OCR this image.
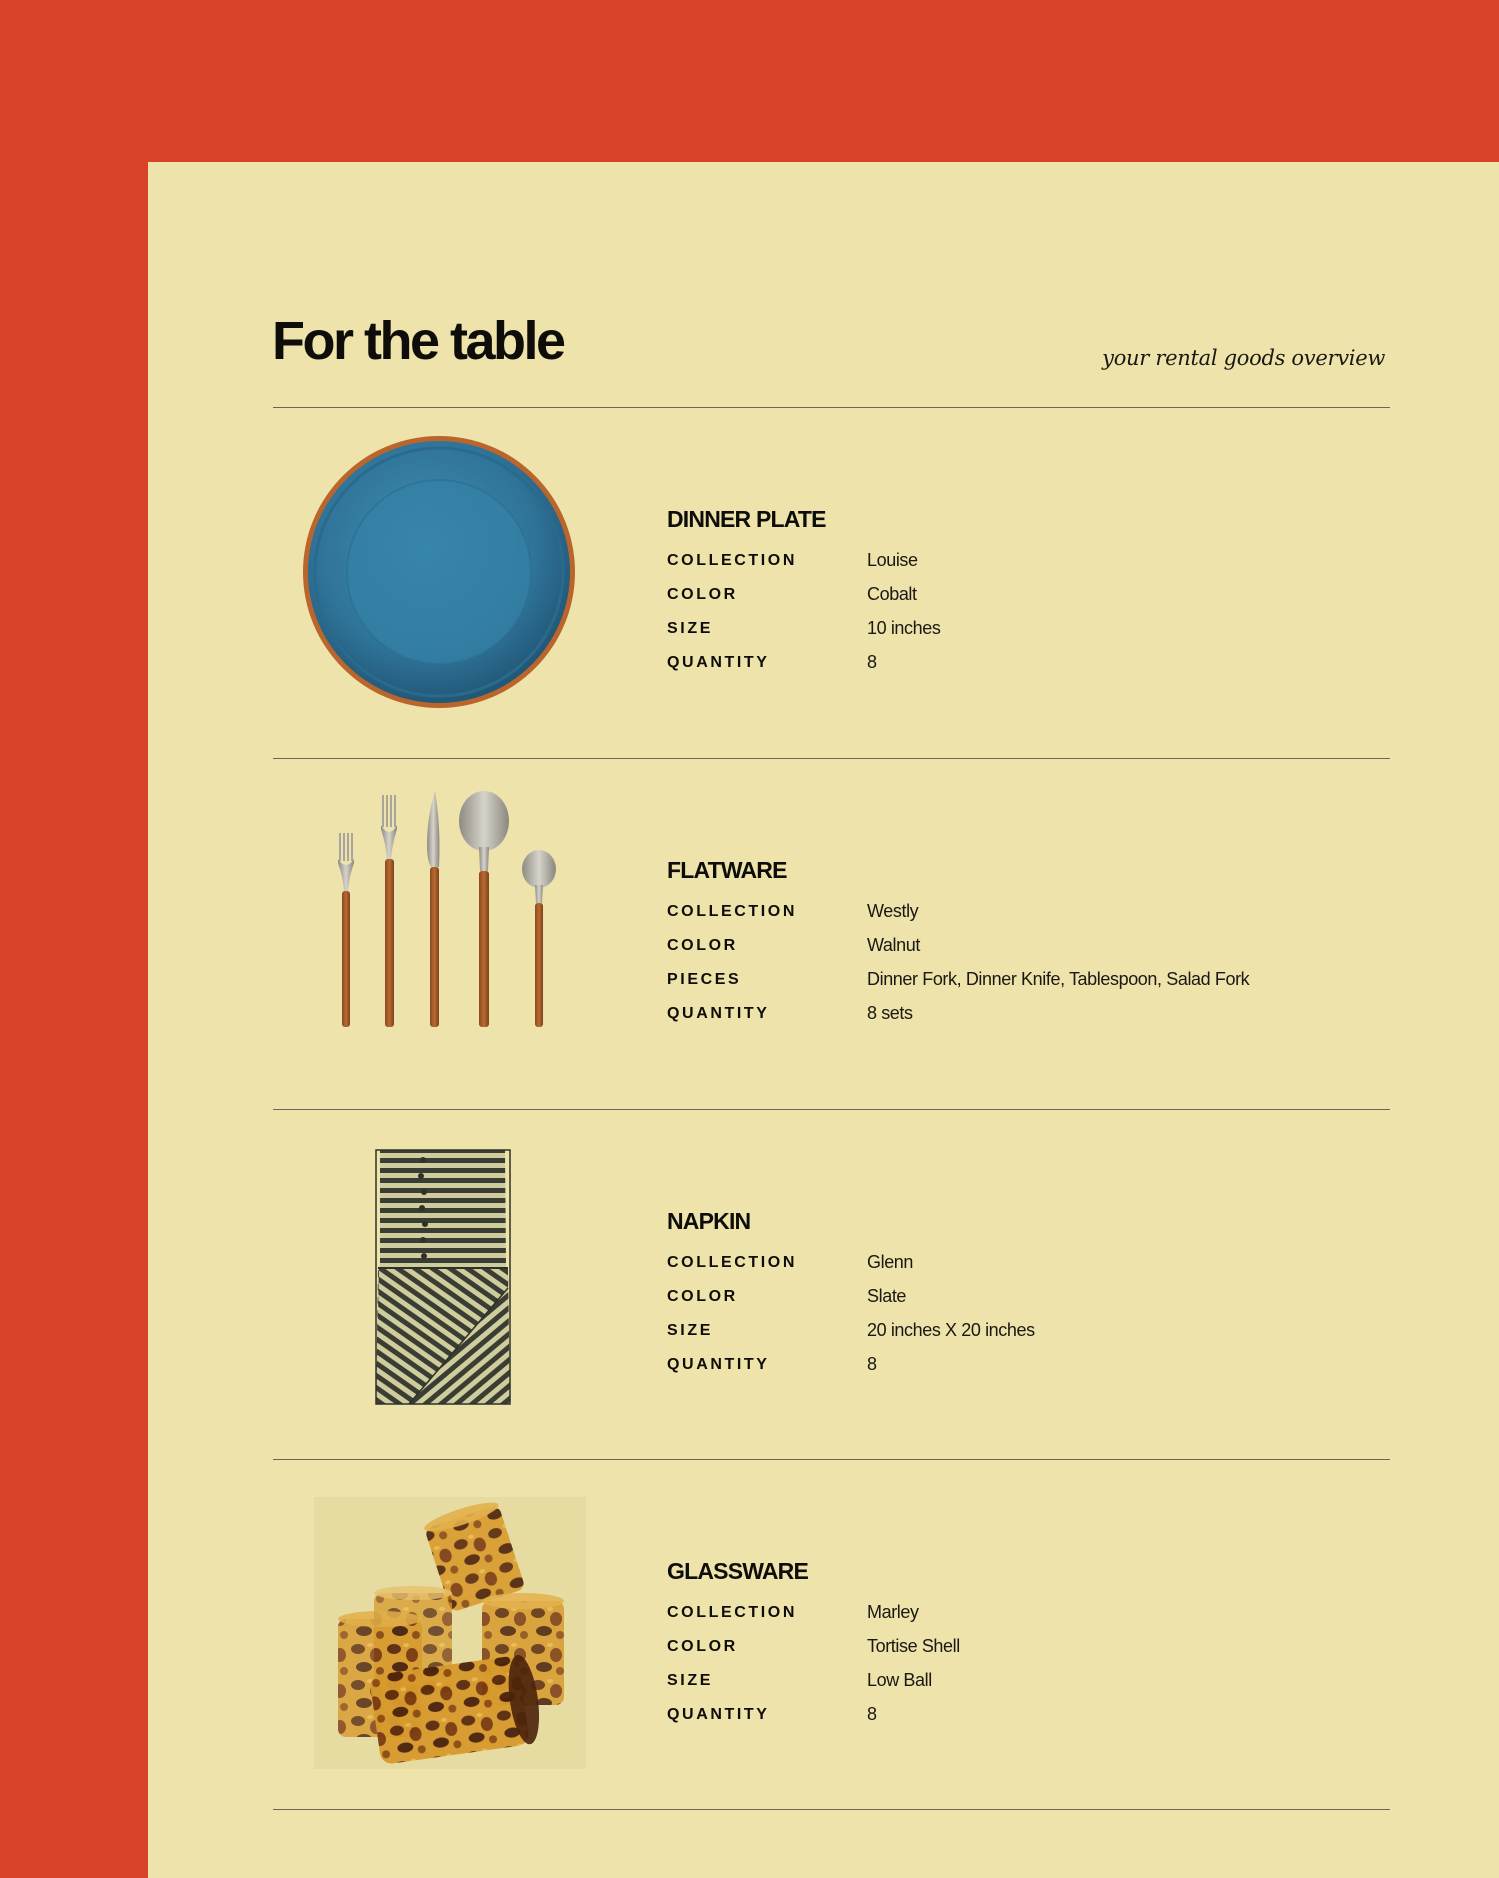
For the table	your rental goods overview
DINNER PLATE
COLLECTION	Louise
COLOR	Cobalt
SIZE	10 inches
QUANTITY	8
FLATWARE
COLLECTION	Westly
COLOR	Walnut
PIECES	Dinner Fork, Dinner Knife, Tablespoon, Salad Fork
QUANTITY	8 sets
NAPKIN
COLLECTION	Glenn
COLOR	Slate
SIZE	20 inches X 20 inches
QUANTITY	8
GLASSWARE
COLLECTION	Marley
COLOR	Tortise Shell
SIZE	Low Ball
QUANTITY	8
